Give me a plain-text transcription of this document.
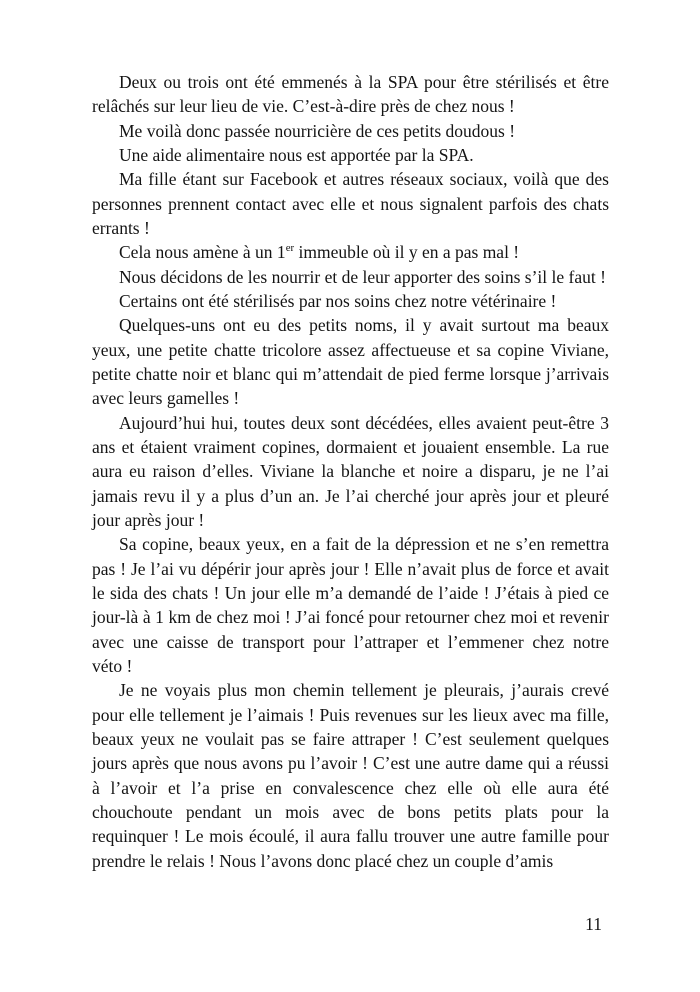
Deux ou trois ont été emmenés à la SPA pour être stérilisés et être relâchés sur leur lieu de vie. C’est-à-dire près de chez nous !

Me voilà donc passée nourricière de ces petits doudous !

Une aide alimentaire nous est apportée par la SPA.

Ma fille étant sur Facebook et autres réseaux sociaux, voilà que des personnes prennent contact avec elle et nous signalent parfois des chats errants !

Cela nous amène à un 1er immeuble où il y en a pas mal !

Nous décidons de les nourrir et de leur apporter des soins s’il le faut !

Certains ont été stérilisés par nos soins chez notre vétérinaire !

Quelques-uns ont eu des petits noms, il y avait surtout ma beaux yeux, une petite chatte tricolore assez affectueuse et sa copine Viviane, petite chatte noir et blanc qui m’attendait de pied ferme lorsque j’arrivais avec leurs gamelles !

Aujourd’hui hui, toutes deux sont décédées, elles avaient peut-être 3 ans et étaient vraiment copines, dormaient et jouaient ensemble. La rue aura eu raison d’elles. Viviane la blanche et noire a disparu, je ne l’ai jamais revu il y a plus d’un an. Je l’ai cherché jour après jour et pleuré jour après jour !

Sa copine, beaux yeux, en a fait de la dépression et ne s’en remettra pas ! Je l’ai vu dépérir jour après jour ! Elle n’avait plus de force et avait le sida des chats ! Un jour elle m’a demandé de l’aide ! J’étais à pied ce jour-là à 1 km de chez moi ! J’ai foncé pour retourner chez moi et revenir avec une caisse de transport pour l’attraper et l’emmener chez notre véto !

Je ne voyais plus mon chemin tellement je pleurais, j’aurais crevé pour elle tellement je l’aimais ! Puis revenues sur les lieux avec ma fille, beaux yeux ne voulait pas se faire attraper ! C’est seulement quelques jours après que nous avons pu l’avoir ! C’est une autre dame qui a réussi à l’avoir et l’a prise en convalescence chez elle où elle aura été chouchoute pendant un mois avec de bons petits plats pour la requinquer ! Le mois écoulé, il aura fallu trouver une autre famille pour prendre le relais ! Nous l’avons donc placé chez un couple d’amis

11
